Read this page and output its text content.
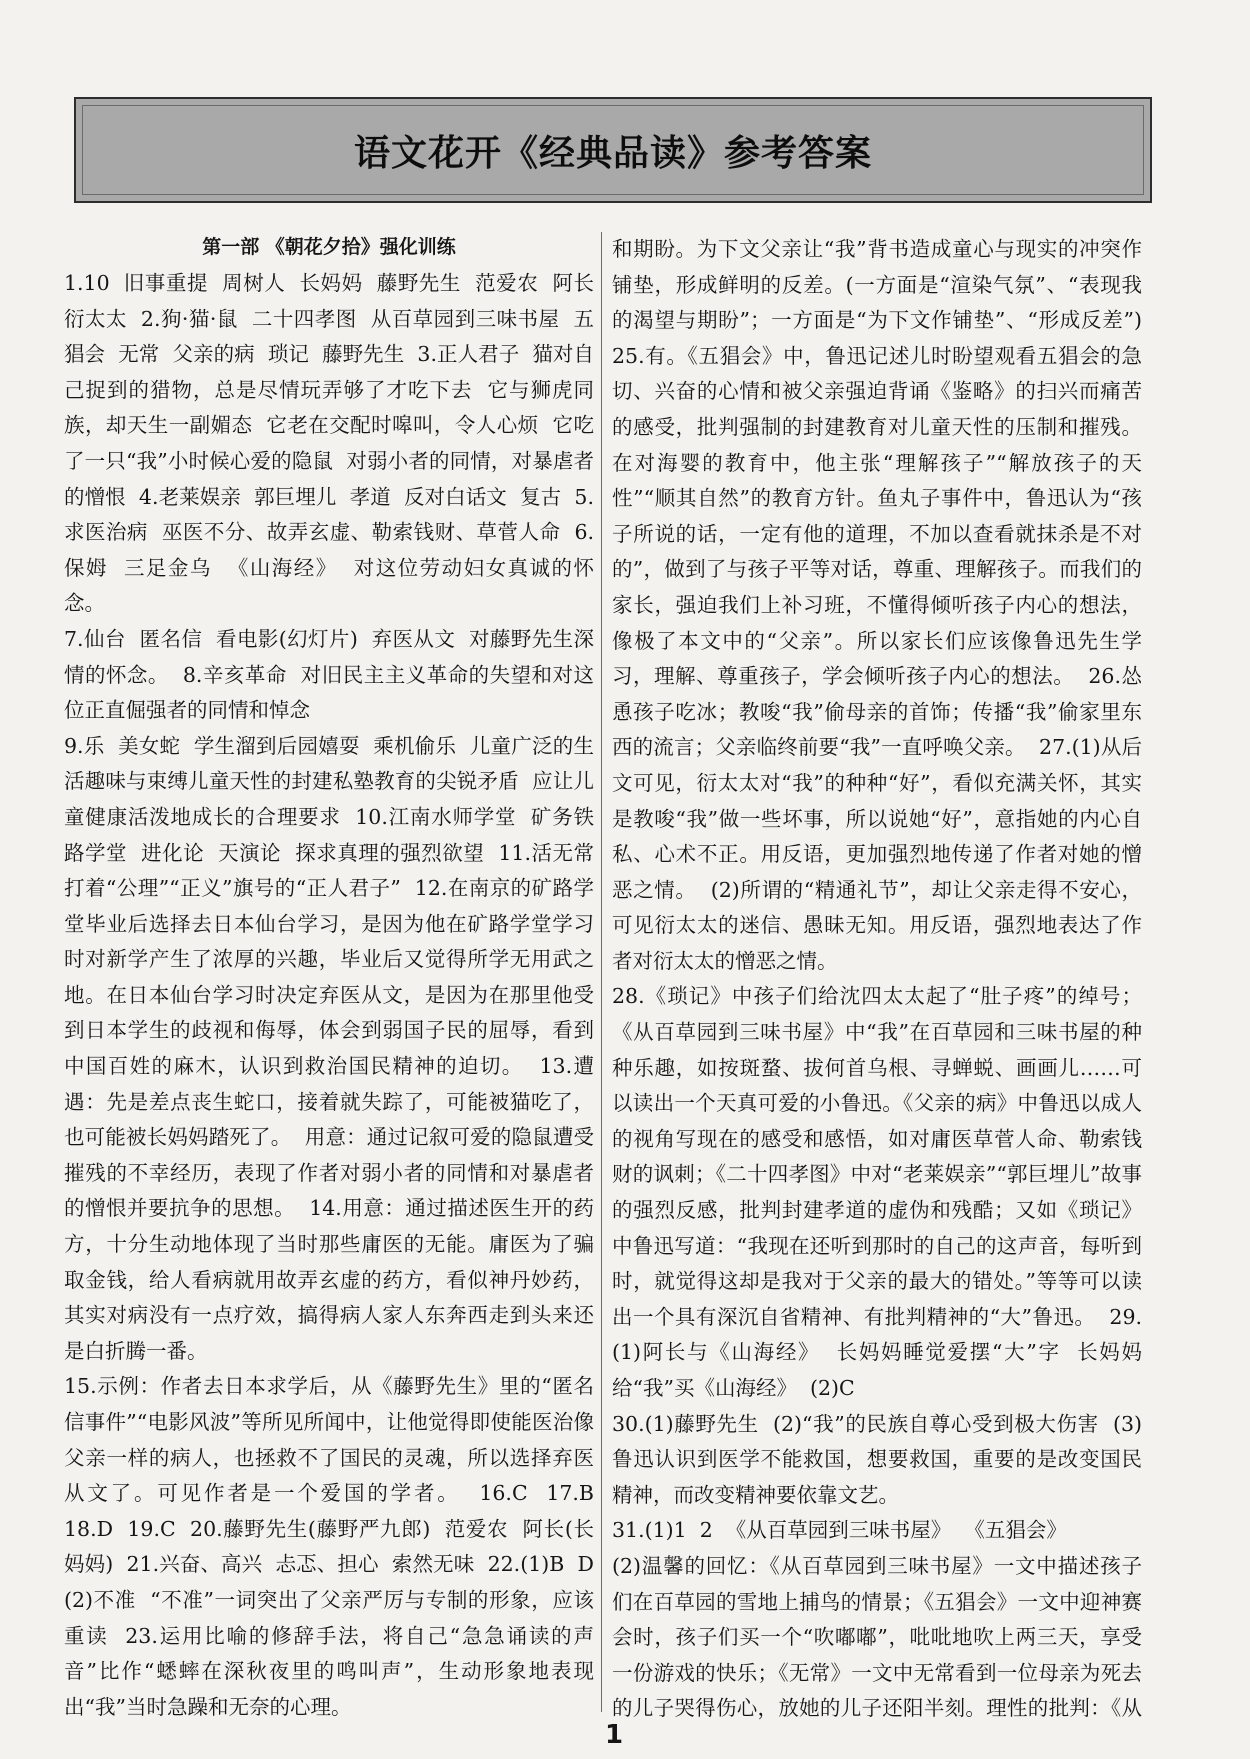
语文花开《经典品读》参考答案
第一部 《朝花夕拾》强化训练

1.10  旧事重提  周树人  长妈妈  藤野先生  范爱农  阿长  衍太太  2.狗·猫·鼠  二十四孝图  从百草园到三味书屋  五猖会  无常  父亲的病  琐记  藤野先生  3.正人君子  猫对自己捉到的猎物，总是尽情玩弄够了才吃下去  它与狮虎同族，却天生一副媚态  它老在交配时嗥叫，令人心烦  它吃了一只“我”小时候心爱的隐鼠  对弱小者的同情，对暴虐者的憎恨  4.老莱娱亲  郭巨埋儿  孝道  反对白话文  复古  5.求医治病  巫医不分、故弄玄虚、勒索钱财、草菅人命  6.保姆  三足金乌  《山海经》  对这位劳动妇女真诚的怀念。

7.仙台  匿名信  看电影(幻灯片)  弃医从文  对藤野先生深情的怀念。  8.辛亥革命  对旧民主主义革命的失望和对这位正直倔强者的同情和悼念

9.乐  美女蛇  学生溜到后园嬉耍  乘机偷乐  儿童广泛的生活趣味与束缚儿童天性的封建私塾教育的尖锐矛盾  应让儿童健康活泼地成长的合理要求  10.江南水师学堂  矿务铁路学堂  进化论  天演论  探求真理的强烈欲望  11.活无常  打着“公理”“正义”旗号的“正人君子”  12.在南京的矿路学堂毕业后选择去日本仙台学习，是因为他在矿路学堂学习时对新学产生了浓厚的兴趣，毕业后又觉得所学无用武之地。在日本仙台学习时决定弃医从文，是因为在那里他受到日本学生的歧视和侮辱，体会到弱国子民的屈辱，看到中国百姓的麻木，认识到救治国民精神的迫切。  13.遭遇：先是差点丧生蛇口，接着就失踪了，可能被猫吃了，也可能被长妈妈踏死了。  用意：通过记叙可爱的隐鼠遭受摧残的不幸经历，表现了作者对弱小者的同情和对暴虐者的憎恨并要抗争的思想。  14.用意：通过描述医生开的药方，十分生动地体现了当时那些庸医的无能。庸医为了骗取金钱，给人看病就用故弄玄虚的药方，看似神丹妙药，其实对病没有一点疗效，搞得病人家人东奔西走到头来还是白折腾一番。

15.示例：作者去日本求学后，从《藤野先生》里的“匿名信事件”“电影风波”等所见所闻中，让他觉得即使能医治像父亲一样的病人，也拯救不了国民的灵魂，所以选择弃医从文了。可见作者是一个爱国的学者。  16.C  17.B  18.D  19.C  20.藤野先生(藤野严九郎)  范爱农  阿长(长妈妈)  21.兴奋、高兴  忐忑、担心  索然无味  22.(1)B  D  (2)不准  “不准”一词突出了父亲严厉与专制的形象，应该重读  23.运用比喻的修辞手法，将自己“急急诵读的声音”比作“蟋蟀在深秋夜里的鸣叫声”，生动形象地表现出“我”当时急躁和无奈的心理。

和期盼。为下文父亲让“我”背书造成童心与现实的冲突作铺垫，形成鲜明的反差。(一方面是“渲染气氛”、“表现我的渴望与期盼”；一方面是“为下文作铺垫”、“形成反差”)  25.有。《五猖会》中，鲁迅记述儿时盼望观看五猖会的急切、兴奋的心情和被父亲强迫背诵《鉴略》的扫兴而痛苦的感受，批判强制的封建教育对儿童天性的压制和摧残。在对海婴的教育中，他主张“理解孩子”“解放孩子的天性”“顺其自然”的教育方针。鱼丸子事件中，鲁迅认为“孩子所说的话，一定有他的道理，不加以查看就抹杀是不对的”，做到了与孩子平等对话，尊重、理解孩子。而我们的家长，强迫我们上补习班，不懂得倾听孩子内心的想法，像极了本文中的“父亲”。所以家长们应该像鲁迅先生学习，理解、尊重孩子，学会倾听孩子内心的想法。  26.怂恿孩子吃冰；教唆“我”偷母亲的首饰；传播“我”偷家里东西的流言；父亲临终前要“我”一直呼唤父亲。  27.(1)从后文可见，衍太太对“我”的种种“好”，看似充满关怀，其实是教唆“我”做一些坏事，所以说她“好”，意指她的内心自私、心术不正。用反语，更加强烈地传递了作者对她的憎恶之情。  (2)所谓的“精通礼节”，却让父亲走得不安心，可见衍太太的迷信、愚昧无知。用反语，强烈地表达了作者对衍太太的憎恶之情。

28.《琐记》中孩子们给沈四太太起了“肚子疼”的绰号；《从百草园到三味书屋》中“我”在百草园和三味书屋的种种乐趣，如按斑蝥、拔何首乌根、寻蝉蜕、画画儿……可以读出一个天真可爱的小鲁迅。《父亲的病》中鲁迅以成人的视角写现在的感受和感悟，如对庸医草菅人命、勒索钱财的讽刺；《二十四孝图》中对“老莱娱亲”“郭巨埋儿”故事的强烈反感，批判封建孝道的虚伪和残酷；又如《琐记》中鲁迅写道：“我现在还听到那时的自己的这声音，每听到时，就觉得这却是我对于父亲的最大的错处。”等等可以读出一个具有深沉自省精神、有批判精神的“大”鲁迅。  29.(1)阿长与《山海经》  长妈妈睡觉爱摆“大”字  长妈妈给“我”买《山海经》  (2)C

30.(1)藤野先生  (2)“我”的民族自尊心受到极大伤害  (3)鲁迅认识到医学不能救国，想要救国，重要的是改变国民精神，而改变精神要依靠文艺。

31.(1)1  2  《从百草园到三味书屋》  《五猖会》

(2)温馨的回忆：《从百草园到三味书屋》一文中描述孩子们在百草园的雪地上捕鸟的情景；《五猖会》一文中迎神赛会时，孩子们买一个“吹嘟嘟”，吡吡地吹上两三天，享受一份游戏的快乐；《无常》一文中无常看到一位母亲为死去的儿子哭得伤心，放她的儿子还阳半刻。理性的批判：《从

1
